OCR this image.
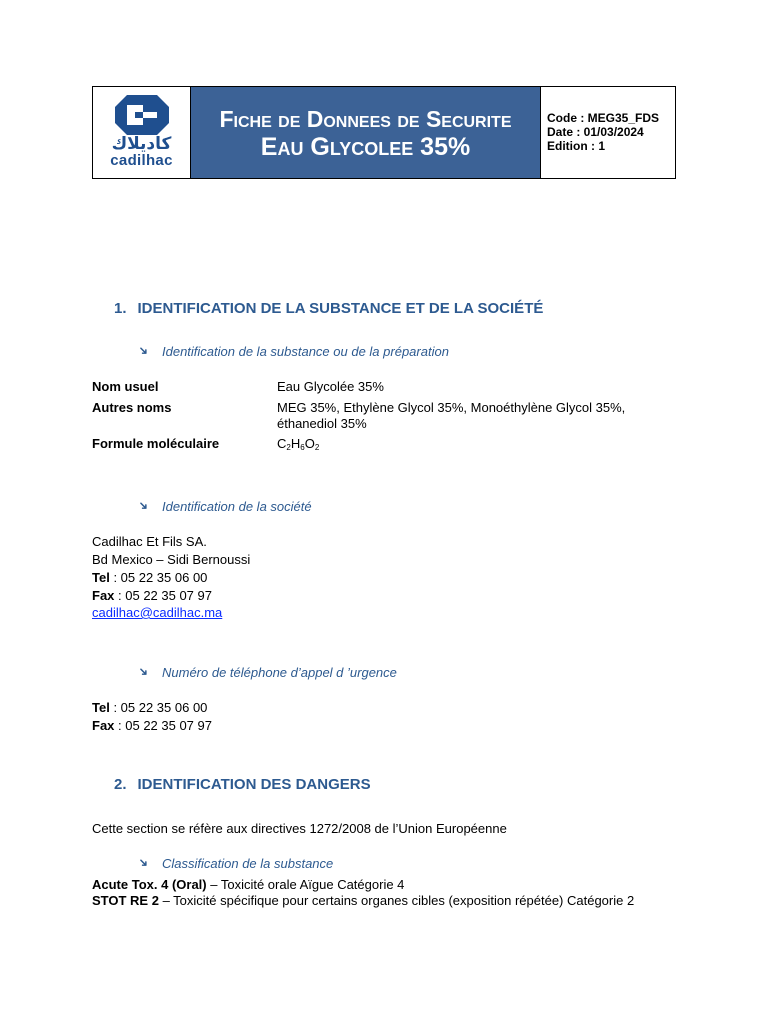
كاديلاك
cadilhac
Fiche de Donnees de Securite
Eau Glycolee 35%
Code : MEG35_FDS
Date : 01/03/2024
Edition : 1
1. IDENTIFICATION DE LA SUBSTANCE ET DE LA SOCIÉTÉ
➜ Identification de la substance ou de la préparation
Nom usuel	Eau Glycolée 35%
Autres noms	MEG 35%, Ethylène Glycol 35%, Monoéthylène Glycol 35%,
éthanediol 35%
Formule moléculaire	$C_2H_6O_2$
➜ Identification de la société
Cadilhac Et Fils SA.
Bd Mexico – Sidi Bernoussi
Tel : 05 22 35 06 00
Fax : 05 22 35 07 97
cadilhac@cadilhac.ma
➜ Numéro de téléphone d’appel d ’urgence
Tel : 05 22 35 06 00
Fax : 05 22 35 07 97
2. IDENTIFICATION DES DANGERS
Cette section se réfère aux directives 1272/2008 de l’Union Européenne
➜ Classification de la substance
Acute Tox. 4 (Oral) – Toxicité orale Aïgue Catégorie 4
STOT RE 2 – Toxicité spécifique pour certains organes cibles (exposition répétée) Catégorie 2
